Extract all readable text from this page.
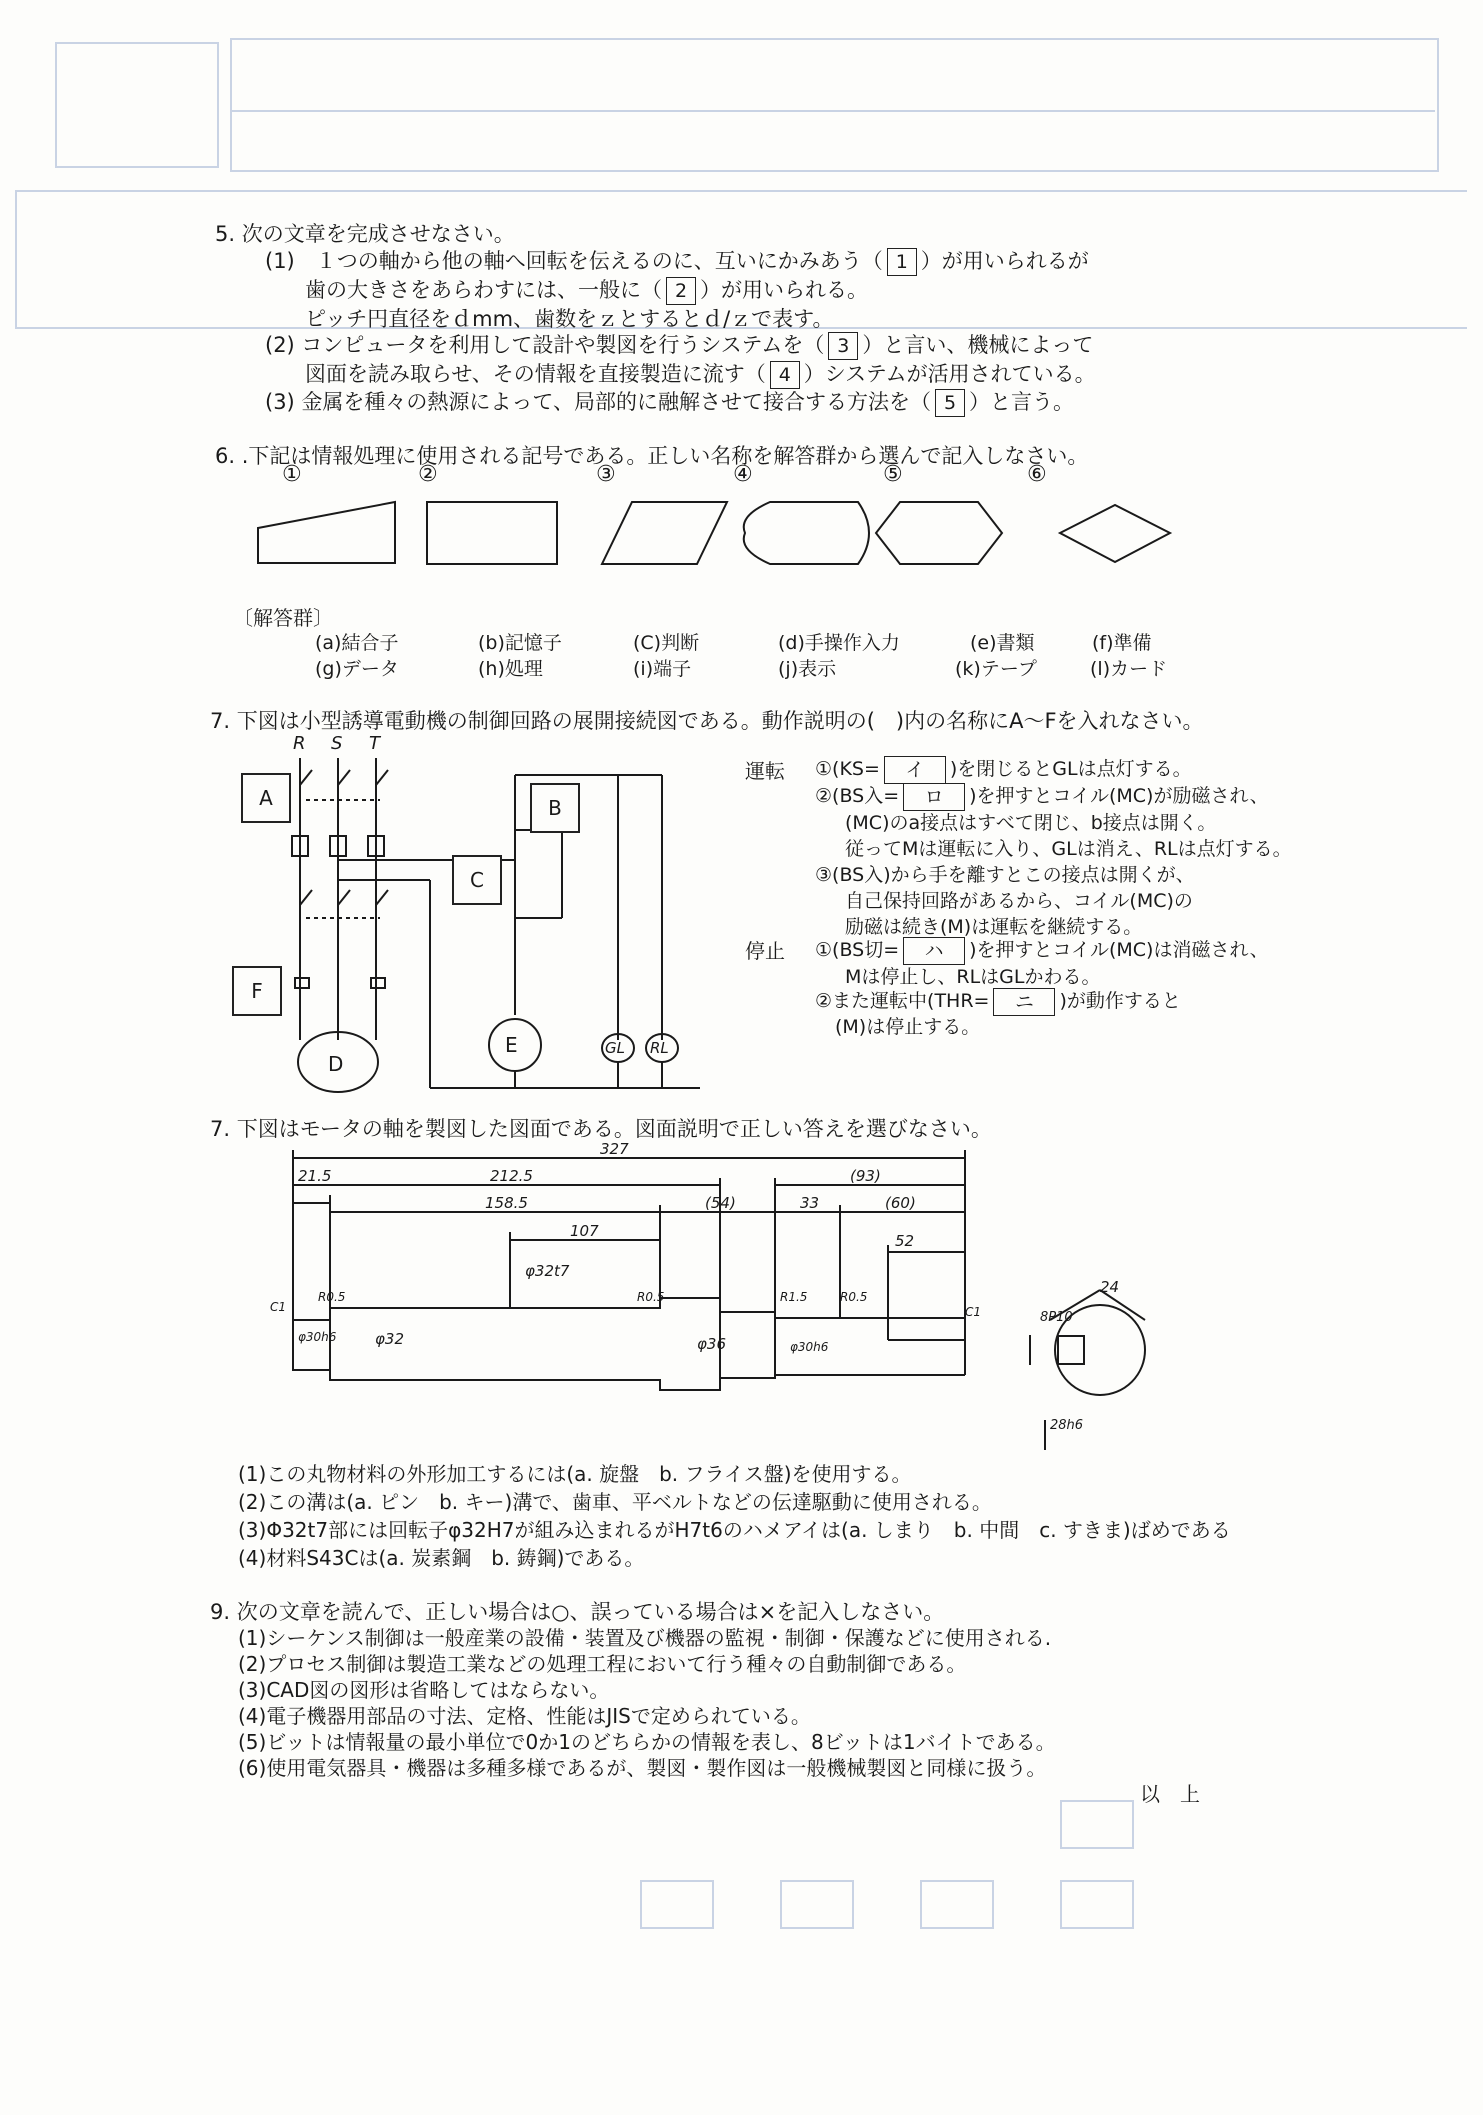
5. 次の文章を完成させなさい。
(1)　１つの軸から他の軸へ回転を伝えるのに、互いにかみあう（ 1 ）が用いられるが
歯の大きさをあらわすには、一般に（ 2 ）が用いられる。
ピッチ円直径をｄmm、歯数をｚとするとｄ/ｚで表す。
(2) コンピュータを利用して設計や製図を行うシステムを（ 3 ）と言い、機械によって
図面を読み取らせ、その情報を直接製造に流す（ 4 ）システムが活用されている。
(3) 金属を種々の熱源によって、局部的に融解させて接合する方法を（ 5 ）と言う。
6. .下記は情報処理に使用される記号である。正しい名称を解答群から選んで記入しなさい。
①	②	③	④	⑤	⑥
〔解答群〕
(a)結合子	(b)記憶子	(C)判断	(d)手操作入力	(e)書類	(f)準備
(g)データ	(h)処理	(i)端子	(j)表示	(k)テープ	(l)カード
7. 下図は小型誘導電動機の制御回路の展開接続図である。動作説明の(　)内の名称にA～Fを入れなさい。
R S T
A	B
C
F
D
E	GL RL
運転
停止
①(KS= イ )を閉じるとGLは点灯する。
②(BS入= ロ )を押すとコイル(MC)が励磁され、
(MC)のa接点はすべて閉じ、b接点は開く。
従ってMは運転に入り、GLは消え、RLは点灯する。
③(BS入)から手を離すとこの接点は開くが、
自己保持回路があるから、コイル(MC)の
励磁は続き(M)は運転を継続する。
①(BS切= ハ )を押すとコイル(MC)は消磁され、
Mは停止し、RLはGLかわる。
②また運転中(THR= ニ )が動作すると
(M)は停止する。
7. 下図はモータの軸を製図した図面である。図面説明で正しい答えを選びなさい。
327
212.5
21.5
158.5	(54)	33
(93)
(60)
107
52
φ32t7
φ30h6	φ32	φ36	φ30h6
R0.5	R0.5	R1.5	R0.5
C1	C1
24
8P10
28h6
(1)この丸物材料の外形加工するには(a. 旋盤　b. フライス盤)を使用する。
(2)この溝は(a. ピン　b. キー)溝で、歯車、平ベルトなどの伝達駆動に使用される。
(3)Φ32t7部には回転子φ32H7が組み込まれるがH7t6のハメアイは(a. しまり　b. 中間　c. すきま)ばめである
(4)材料S43Cは(a. 炭素鋼　b. 鋳鋼)である。
9. 次の文章を読んで、正しい場合は○、誤っている場合は×を記入しなさい。
(1)シーケンス制御は一般産業の設備・装置及び機器の監視・制御・保護などに使用される.
(2)プロセス制御は製造工業などの処理工程において行う種々の自動制御である。
(3)CAD図の図形は省略してはならない。
(4)電子機器用部品の寸法、定格、性能はJISで定められている。
(5)ビットは情報量の最小単位で0か1のどちらかの情報を表し、8ビットは1バイトである。
(6)使用電気器具・機器は多種多様であるが、製図・製作図は一般機械製図と同様に扱う。
以　上
